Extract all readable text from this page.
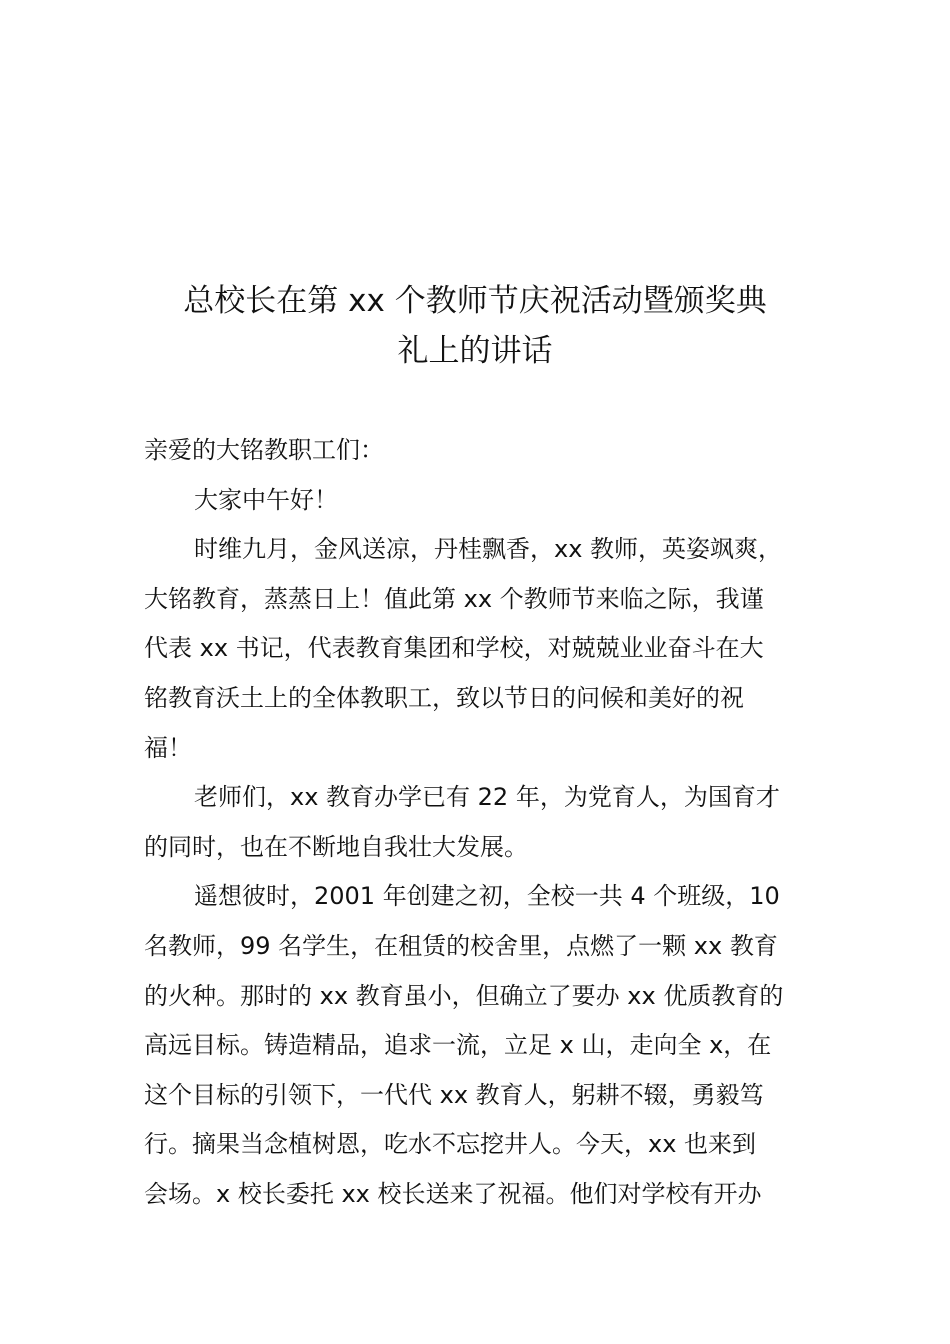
总校长在第 xx 个教师节庆祝活动暨颁奖典
礼上的讲话

亲爱的大铭教职工们：

大家中午好！

时维九月，金风送凉，丹桂飘香，xx 教师，英姿飒爽，
大铭教育，蒸蒸日上！值此第 xx 个教师节来临之际，我谨
代表 xx 书记，代表教育集团和学校，对兢兢业业奋斗在大
铭教育沃土上的全体教职工，致以节日的问候和美好的祝
福！

老师们，xx 教育办学已有 22 年，为党育人，为国育才
的同时，也在不断地自我壮大发展。

遥想彼时，2001 年创建之初，全校一共 4 个班级，10
名教师，99 名学生，在租赁的校舍里，点燃了一颗 xx 教育
的火种。那时的 xx 教育虽小，但确立了要办 xx 优质教育的
高远目标。铸造精品，追求一流，立足 x 山，走向全 x，在
这个目标的引领下，一代代 xx 教育人，躬耕不辍，勇毅笃
行。摘果当念植树恩，吃水不忘挖井人。今天，xx 也来到
会场。x 校长委托 xx 校长送来了祝福。他们对学校有开办
